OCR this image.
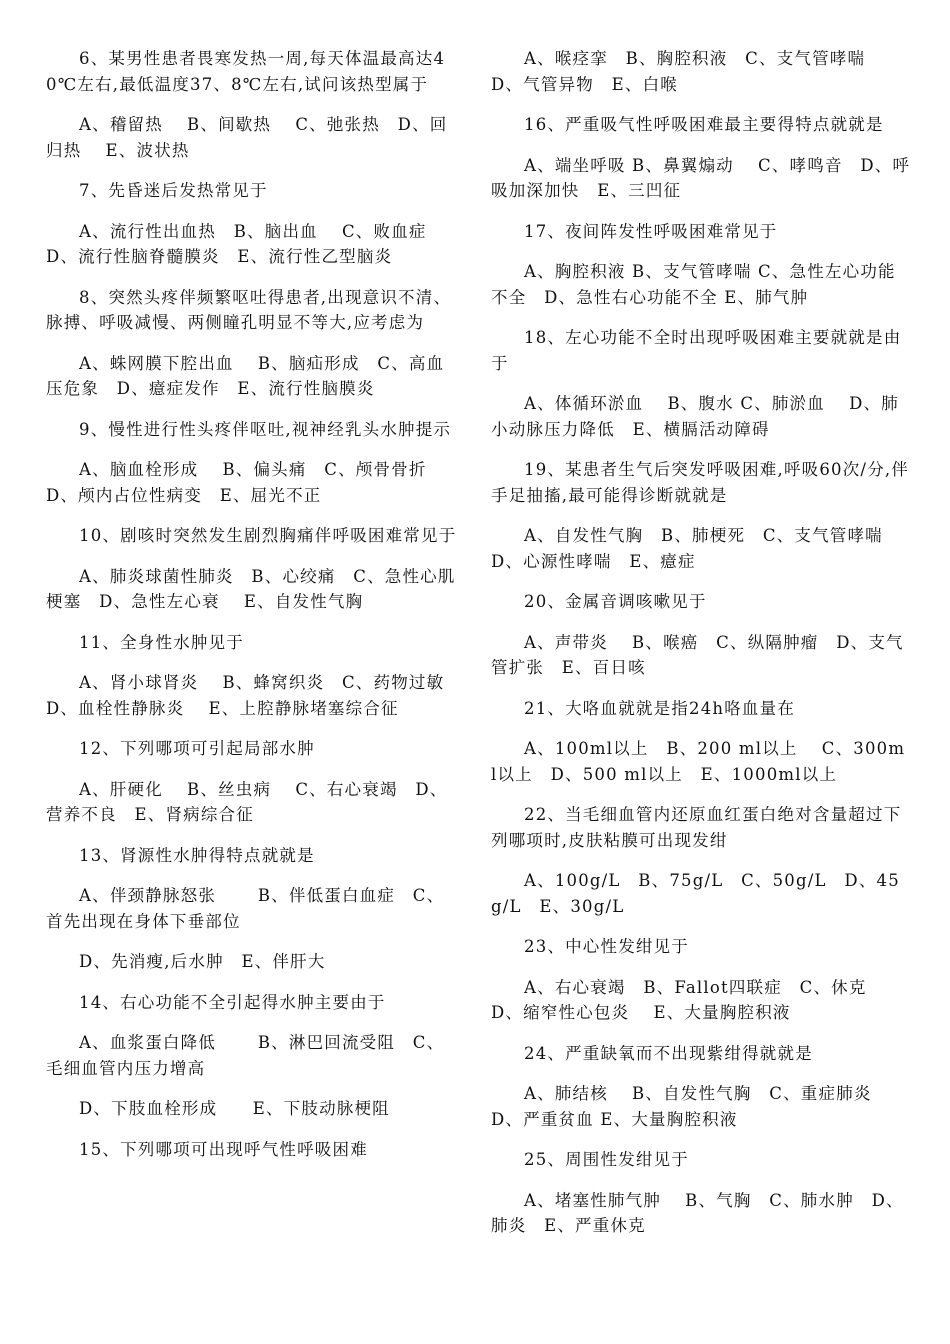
6、某男性患者畏寒发热一周,每天体温最高达40℃左右,最低温度37、8℃左右,试问该热型属于

A、稽留热　 B、间歇热　 C、弛张热　D、回归热　 E、波状热

7、先昏迷后发热常见于

A、流行性出血热　B、脑出血　 C、败血症　D、流行性脑脊髓膜炎　E、流行性乙型脑炎

8、突然头疼伴频繁呕吐得患者,出现意识不清、脉搏、呼吸减慢、两侧瞳孔明显不等大,应考虑为

A、蛛网膜下腔出血　 B、脑疝形成　C、高血压危象　D、癔症发作　E、流行性脑膜炎

9、慢性进行性头疼伴呕吐,视神经乳头水肿提示

A、脑血栓形成　 B、偏头痛　C、颅骨骨折　 D、颅内占位性病变　E、屈光不正

10、剧咳时突然发生剧烈胸痛伴呼吸困难常见于

A、肺炎球菌性肺炎　B、心绞痛　C、急性心肌梗塞　D、急性左心衰　 E、自发性气胸

11、全身性水肿见于

A、肾小球肾炎　 B、蜂窝织炎　C、药物过敏 D、血栓性静脉炎　 E、上腔静脉堵塞综合征

12、下列哪项可引起局部水肿

A、肝硬化　 B、丝虫病　 C、右心衰竭　D、营养不良　E、肾病综合征

13、肾源性水肿得特点就就是

A、伴颈静脉怒张　　 B、伴低蛋白血症　C、首先出现在身体下垂部位

D、先消瘦,后水肿　E、伴肝大

14、右心功能不全引起得水肿主要由于

A、血浆蛋白降低　　 B、淋巴回流受阻　C、毛细血管内压力增高

D、下肢血栓形成　　E、下肢动脉梗阻

15、下列哪项可出现呼气性呼吸困难

A、喉痉挛　B、胸腔积液　C、支气管哮喘　D、气管异物　E、白喉

16、严重吸气性呼吸困难最主要得特点就就是

A、端坐呼吸 B、鼻翼煽动　 C、哮鸣音　D、呼吸加深加快　E、三凹征

17、夜间阵发性呼吸困难常见于

A、胸腔积液 B、支气管哮喘 C、急性左心功能不全　D、急性右心功能不全 E、肺气肿

18、左心功能不全时出现呼吸困难主要就就是由于

A、体循环淤血　 B、腹水 C、肺淤血　 D、肺小动脉压力降低　E、横膈活动障碍

19、某患者生气后突发呼吸困难,呼吸60次/分,伴手足抽搐,最可能得诊断就就是

A、自发性气胸　B、肺梗死　C、支气管哮喘　D、心源性哮喘　E、癔症

20、金属音调咳嗽见于

A、声带炎　 B、喉癌　C、纵隔肿瘤　D、支气管扩张　E、百日咳

21、大咯血就就是指24h咯血量在

A、100ml以上　B、200 ml以上　 C、300ml以上　D、500 ml以上　E、1000ml以上

22、当毛细血管内还原血红蛋白绝对含量超过下列哪项时,皮肤粘膜可出现发绀

A、100g/L　B、75g/L　C、50g/L　D、45g/L　E、30g/L

23、中心性发绀见于

A、右心衰竭　B、Fallot四联症　C、休克　D、缩窄性心包炎　 E、大量胸腔积液

24、严重缺氧而不出现紫绀得就就是

A、肺结核　 B、自发性气胸　C、重症肺炎　 D、严重贫血 E、大量胸腔积液

25、周围性发绀见于

A、堵塞性肺气肿　 B、气胸　C、肺水肿　D、肺炎　E、严重休克
